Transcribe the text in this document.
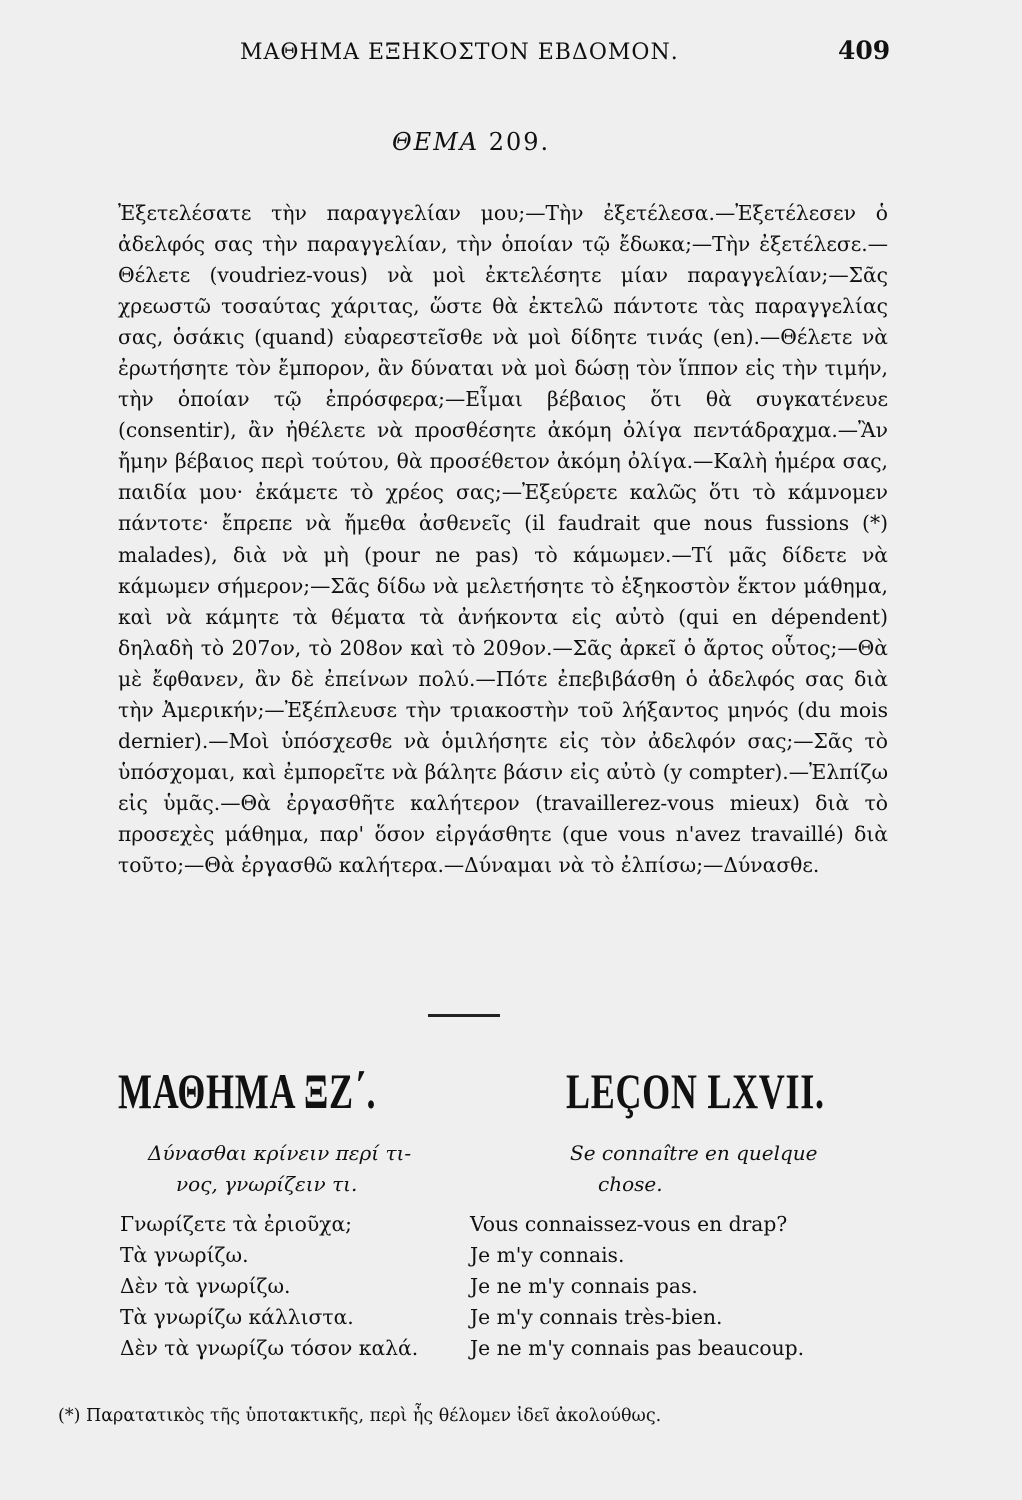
ΜΑΘΗΜΑ ΕΞΗΚΟΣΤΟΝ ΕΒΔΟΜΟΝ.	409
ΘΕΜΑ 209.

Ἐξετελέσατε τὴν παραγγελίαν μου;—Τὴν ἐξετέλεσα.—Ἐξετέλεσεν ὁ ἀδελφός σας τὴν παραγγελίαν, τὴν ὁποίαν τῷ ἔδωκα;—Τὴν ἐξετέλεσε.—Θέλετε (voudriez-vous) νὰ μοὶ ἐκτελέσητε μίαν παραγγελίαν;—Σᾶς χρεωστῶ τοσαύτας χάριτας, ὥστε θὰ ἐκτελῶ πάντοτε τὰς παραγγελίας σας, ὁσάκις (quand) εὐαρεστεῖσθε νὰ μοὶ δίδητε τινάς (en).—Θέλετε νὰ ἐρωτήσητε τὸν ἔμπορον, ἂν δύναται νὰ μοὶ δώσῃ τὸν ἵππον εἰς τὴν τιμήν, τὴν ὁποίαν τῷ ἐπρόσφερα;—Εἶμαι βέβαιος ὅτι θὰ συγκατένευε (consentir), ἂν ἠθέλετε νὰ προσθέσητε ἀκόμη ὀλίγα πεντάδραχμα.—Ἂν ἤμην βέβαιος περὶ τούτου, θὰ προσέθετον ἀκόμη ὀλίγα.—Καλὴ ἡμέρα σας, παιδία μου· ἐκάμετε τὸ χρέος σας;—Ἐξεύρετε καλῶς ὅτι τὸ κάμνομεν πάντοτε· ἔπρεπε νὰ ἤμεθα ἀσθενεῖς (il faudrait que nous fussions (*) malades), διὰ νὰ μὴ (pour ne pas) τὸ κάμωμεν.—Τί μᾶς δίδετε νὰ κάμωμεν σήμερον;—Σᾶς δίδω νὰ μελετήσητε τὸ ἑξηκοστὸν ἕκτον μάθημα, καὶ νὰ κάμητε τὰ θέματα τὰ ἀνήκοντα εἰς αὐτὸ (qui en dépendent) δηλαδὴ τὸ 207ον, τὸ 208ον καὶ τὸ 209ον.—Σᾶς ἀρκεῖ ὁ ἄρτος οὗτος;—Θὰ μὲ ἔφθανεν, ἂν δὲ ἐπείνων πολύ.—Πότε ἐπεβιβάσθη ὁ ἀδελφός σας διὰ τὴν Ἀμερικήν;—Ἐξέπλευσε τὴν τριακοστὴν τοῦ λήξαντος μηνός (du mois dernier).—Μοὶ ὑπόσχεσθε νὰ ὁμιλήσητε εἰς τὸν ἀδελφόν σας;—Σᾶς τὸ ὑπόσχομαι, καὶ ἐμπορεῖτε νὰ βάλητε βάσιν εἰς αὐτὸ (y compter).—Ἐλπίζω εἰς ὑμᾶς.—Θὰ ἐργασθῆτε καλήτερον (travaillerez-vous mieux) διὰ τὸ προσεχὲς μάθημα, παρ' ὅσον εἰργάσθητε (que vous n'avez travaillé) διὰ τοῦτο;—Θὰ ἐργασθῶ καλήτερα.—Δύναμαι νὰ τὸ ἐλπίσω;—Δύνασθε.

ΜΑΘΗΜΑ ΞΖ΄.	LEÇON LXVII.
Δύνασθαι κρίνειν περί τι-
νος, γνωρίζειν τι.
Se connaître en quelque
chose.
Γνωρίζετε τὰ ἐριοῦχα;
Τὰ γνωρίζω.
Δὲν τὰ γνωρίζω.
Τὰ γνωρίζω κάλλιστα.
Δὲν τὰ γνωρίζω τόσον καλά.
Vous connaissez-vous en drap?
Je m'y connais.
Je ne m'y connais pas.
Je m'y connais très-bien.
Je ne m'y connais pas beaucoup.
(*) Παρατατικὸς τῆς ὑποτακτικῆς, περὶ ἧς θέλομεν ἰδεῖ ἀκολούθως.
